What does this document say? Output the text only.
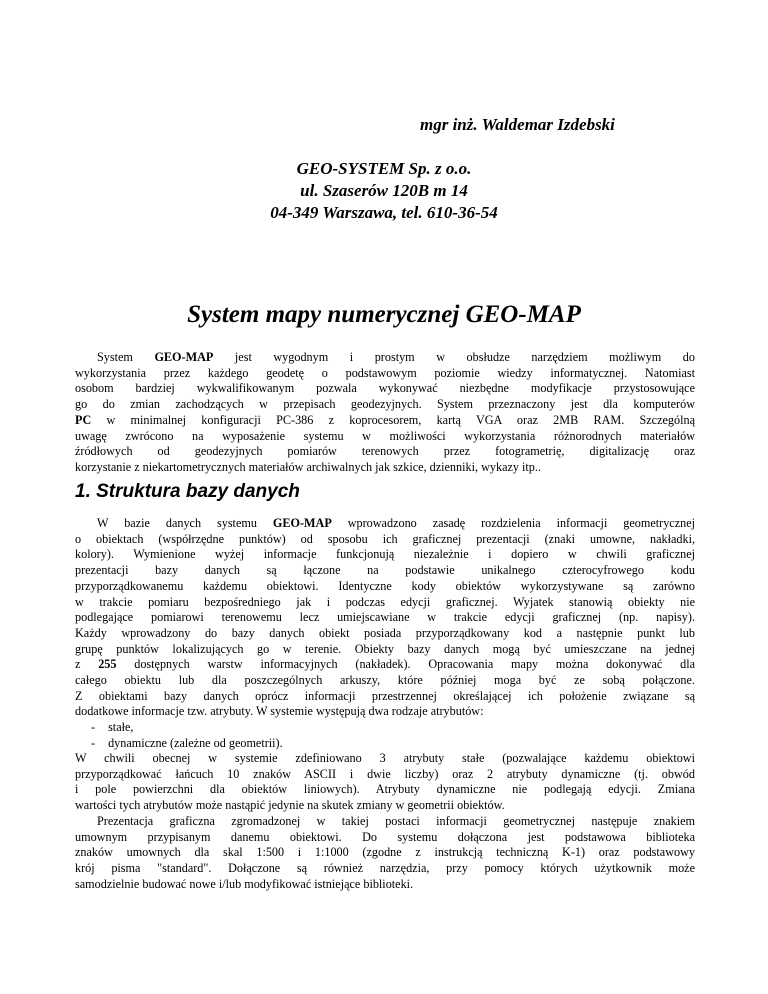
mgr inż. Waldemar Izdebski
GEO-SYSTEM Sp. z o.o.
ul. Szaserów 120B m 14
04-349 Warszawa, tel. 610-36-54
System mapy numerycznej GEO-MAP
System GEO-MAP jest wygodnym i prostym w obsłudze narzędziem możliwym do
wykorzystania przez każdego geodetę o podstawowym poziomie wiedzy informatycznej. Natomiast
osobom bardziej wykwalifikowanym pozwala wykonywać niezbędne modyfikacje przystosowujące
go do zmian zachodzących w przepisach geodezyjnych. System przeznaczony jest dla komputerów
PC w minimalnej konfiguracji PC-386 z koprocesorem, kartą VGA oraz 2MB RAM. Szczególną
uwagę zwrócono na wyposażenie systemu w możliwości wykorzystania różnorodnych materiałów
źródłowych od geodezyjnych pomiarów terenowych przez fotogrametrię, digitalizację oraz
korzystanie z niekartometrycznych materiałów archiwalnych jak szkice, dzienniki, wykazy itp..
1. Struktura bazy danych
W bazie danych systemu GEO-MAP wprowadzono zasadę rozdzielenia informacji geometrycznej
o obiektach (współrzędne punktów) od sposobu ich graficznej prezentacji (znaki umowne, nakładki,
kolory). Wymienione wyżej informacje funkcjonują niezależnie i dopiero w chwili graficznej
prezentacji bazy danych są łączone na podstawie unikalnego czterocyfrowego kodu
przyporządkowanemu każdemu obiektowi. Identyczne kody obiektów wykorzystywane są zarówno
w trakcie pomiaru bezpośredniego jak i podczas edycji graficznej. Wyjatek stanowią obiekty nie
podlegające pomiarowi terenowemu lecz umiejscawiane w trakcie edycji graficznej (np. napisy).
Każdy wprowadzony do bazy danych obiekt posiada przyporządkowany kod a następnie punkt lub
grupę punktów lokalizujących go w terenie. Obiekty bazy danych mogą być umieszczane na jednej
z 255 dostępnych warstw informacyjnych (nakładek). Opracowania mapy można dokonywać dla
całego obiektu lub dla poszczególnych arkuszy, które później moga być ze sobą połączone.
Z obiektami bazy danych oprócz informacji przestrzennej określającej ich położenie związane są
dodatkowe informacje tzw. atrybuty. W systemie występują dwa rodzaje atrybutów:
- stałe,
- dynamiczne (zależne od geometrii).
W chwili obecnej w systemie zdefiniowano 3 atrybuty stałe (pozwalające każdemu obiektowi
przyporządkować łańcuch 10 znaków ASCII i dwie liczby) oraz 2 atrybuty dynamiczne (tj. obwód
i pole powierzchni dla obiektów liniowych). Atrybuty dynamiczne nie podlegają edycji. Zmiana
wartości tych atrybutów może nastąpić jedynie na skutek zmiany w geometrii obiektów.
Prezentacja graficzna zgromadzonej w takiej postaci informacji geometrycznej następuje znakiem
umownym przypisanym danemu obiektowi. Do systemu dołączona jest podstawowa biblioteka
znaków umownych dla skal 1:500 i 1:1000 (zgodne z instrukcją techniczną K-1) oraz podstawowy
krój pisma "standard". Dołączone są również narzędzia, przy pomocy których użytkownik może
samodzielnie budować nowe i/lub modyfikować istniejące biblioteki.
